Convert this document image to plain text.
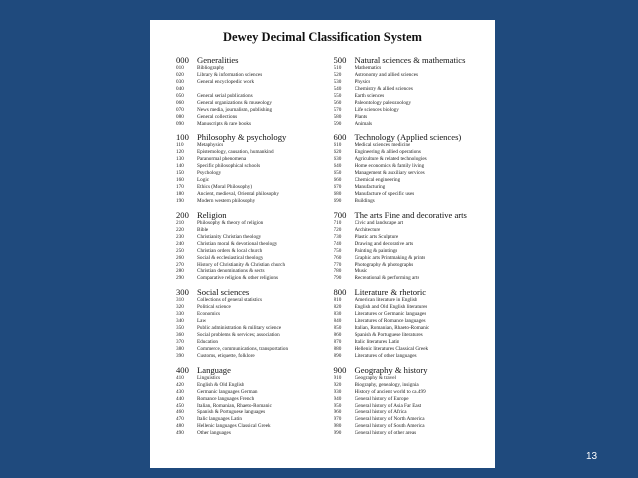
Dewey Decimal Classification System
000 Generalities
010	Bibliography
020	Library & information sciences
030	General encyclopedic work
040
050	General serial publications
060	General organizations & museology
070	News media, journalism, publishing
080	General collections
090	Manuscripts & rare books
100 Philosophy & psychology
110	Metaphysics
120	Epistemology, causation, humankind
130	Paranormal phenomena
140	Specific philosophical schools
150	Psychology
160	Logic
170	Ethics (Moral Philosophy)
180	Ancient, medieval, Oriental philosophy
190	Modern western philosophy
200 Religion
210	Philosophy & theory of religion
220	Bible
230	Christianity Christian theology
240	Christian moral & devotional theology
250	Christian orders & local church
260	Social & ecclesiastical theology
270	History of Christianity & Christian church
280	Christian denominations & sects
290	Comparative religion & other religions
300 Social sciences
310	Collections of general statistics
320	Political science
330	Economics
340	Law
350	Public administration & military science
360	Social problems & services; association
370	Education
380	Commerce, communications, transportation
390	Customs, etiquette, folklore
400 Language
410	Linguistics
420	English & Old English
430	Germanic languages German
440	Romance languages French
450	Italian, Romanian, Rhaeto-Romanic
460	Spanish & Portuguese languages
470	Italic languages Latin
480	Hellenic languages Classical Greek
490	Other languages
500 Natural sciences & mathematics
510	Mathematics
520	Astronomy and allied sciences
530	Physics
540	Chemistry & allied sciences
550	Earth sciences
560	Paleontology paleozoology
570	Life sciences biology
580	Plants
590	Animals
600 Technology (Applied sciences)
610	Medical sciences medicine
620	Engineering & allied operations
630	Agriculture & related technologies
640	Home economics & family living
650	Management & auxiliary services
660	Chemical engineering
670	Manufacturing
680	Manufacture of specific uses
690	Buildings
700 The arts Fine and decorative arts
710	Civic and landscape art
720	Architecture
730	Plastic arts Sculpture
740	Drawing and decorative arts
750	Painting & paintings
760	Graphic arts Printmaking & prints
770	Photography & photographs
780	Music
790	Recreational & performing arts
800 Literature & rhetoric
810	American literature in English
820	English and Old English literatures
830	Literatures or Germanic languages
840	Literatures of Romance languages
850	Italian, Romanian, Rhaeto-Romanic
860	Spanish & Portuguese literatures
870	Italic literatures Latin
880	Hellenic literatures Classical Greek
890	Literatures of other languages
900 Geography & history
910	Geography & travel
920	Biography, genealogy, insignia
930	History of ancient world to ca.499
940	General history of Europe
950	General history of Asia Far East
960	General history of Africa
970	General history of North America
980	General history of South America
990	General history of other areas
13
